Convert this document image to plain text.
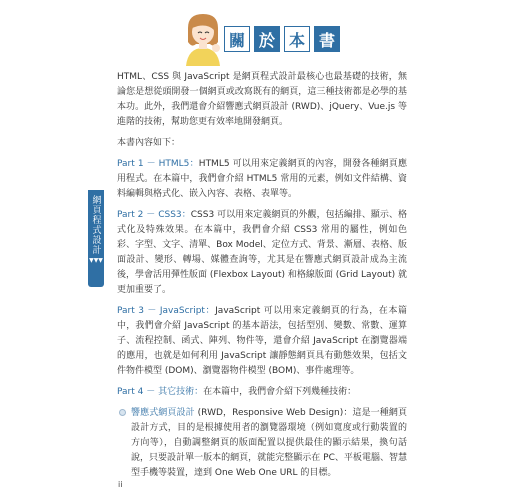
關 於 本 書
網頁程式設計
▼▼▼

HTML、CSS 與 JavaScript 是網頁程式設計最核心也最基礎的技術，無論您是想從頭開發一個網頁或改寫既有的網頁，這三種技術都是必學的基本功。此外，我們還會介紹響應式網頁設計 (RWD)、jQuery、Vue.js 等進階的技術，幫助您更有效率地開發網頁。

本書內容如下：

Part 1 － HTML5：HTML5 可以用來定義網頁的內容，開發各種網頁應用程式。在本篇中，我們會介紹 HTML5 常用的元素，例如文件結構、資料編輯與格式化、嵌入內容、表格、表單等。

Part 2 － CSS3：CSS3 可以用來定義網頁的外觀，包括編排、顯示、格式化及特殊效果。在本篇中，我們會介紹 CSS3 常用的屬性，例如色彩、字型、文字、清單、Box Model、定位方式、背景、漸層、表格、版面設計、變形、轉場、媒體查詢等，尤其是在響應式網頁設計成為主流後，學會活用彈性版面 (Flexbox Layout) 和格線版面 (Grid Layout) 就更加重要了。

Part 3 － JavaScript：JavaScript 可以用來定義網頁的行為，在本篇中，我們會介紹 JavaScript 的基本語法，包括型別、變數、常數、運算子、流程控制、函式、陣列、物件等，還會介紹 JavaScript 在瀏覽器端的應用，也就是如何利用 JavaScript 讓靜態網頁具有動態效果，包括文件物件模型 (DOM)、瀏覽器物件模型 (BOM)、事件處理等。

Part 4 － 其它技術：在本篇中，我們會介紹下列幾種技術：

響應式網頁設計 (RWD，Responsive Web Design)：這是一種網頁設計方式，目的是根據使用者的瀏覽器環境（例如寬度或行動裝置的方向等），自動調整網頁的版面配置以提供最佳的顯示結果，換句話說，只要設計單一版本的網頁，就能完整顯示在 PC、平板電腦、智慧型手機等裝置，達到 One Web One URL 的目標。

ii
